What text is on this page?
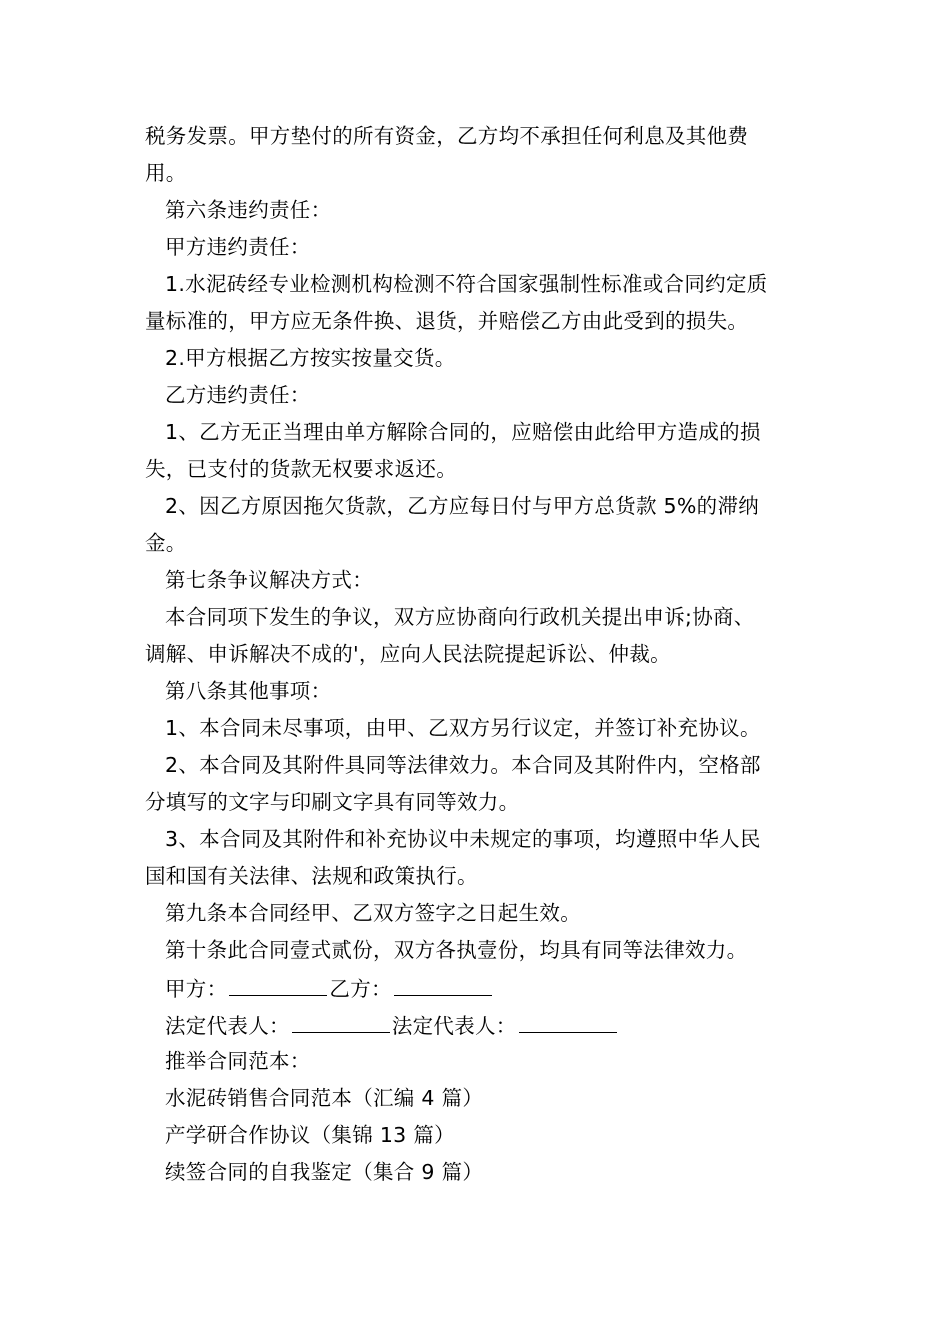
税务发票。甲方垫付的所有资金，乙方均不承担任何利息及其他费
用。
第六条违约责任：
甲方违约责任：
1.水泥砖经专业检测机构检测不符合国家强制性标准或合同约定质
量标准的，甲方应无条件换、退货，并赔偿乙方由此受到的损失。
2.甲方根据乙方按实按量交货。
乙方违约责任：
1、乙方无正当理由单方解除合同的，应赔偿由此给甲方造成的损
失，已支付的货款无权要求返还。
2、因乙方原因拖欠货款，乙方应每日付与甲方总货款 5%的滞纳
金。
第七条争议解决方式：
本合同项下发生的争议，双方应协商向行政机关提出申诉;协商、
调解、申诉解决不成的'，应向人民法院提起诉讼、仲裁。
第八条其他事项：
1、本合同未尽事项，由甲、乙双方另行议定，并签订补充协议。
2、本合同及其附件具同等法律效力。本合同及其附件内，空格部
分填写的文字与印刷文字具有同等效力。
3、本合同及其附件和补充协议中未规定的事项，均遵照中华人民
国和国有关法律、法规和政策执行。
第九条本合同经甲、乙双方签字之日起生效。
第十条此合同壹式贰份，双方各执壹份，均具有同等法律效力。
甲方：	乙方：
法定代表人：	法定代表人：
推举合同范本：
水泥砖销售合同范本（汇编 4 篇）
产学研合作协议（集锦 13 篇）
续签合同的自我鉴定（集合 9 篇）
